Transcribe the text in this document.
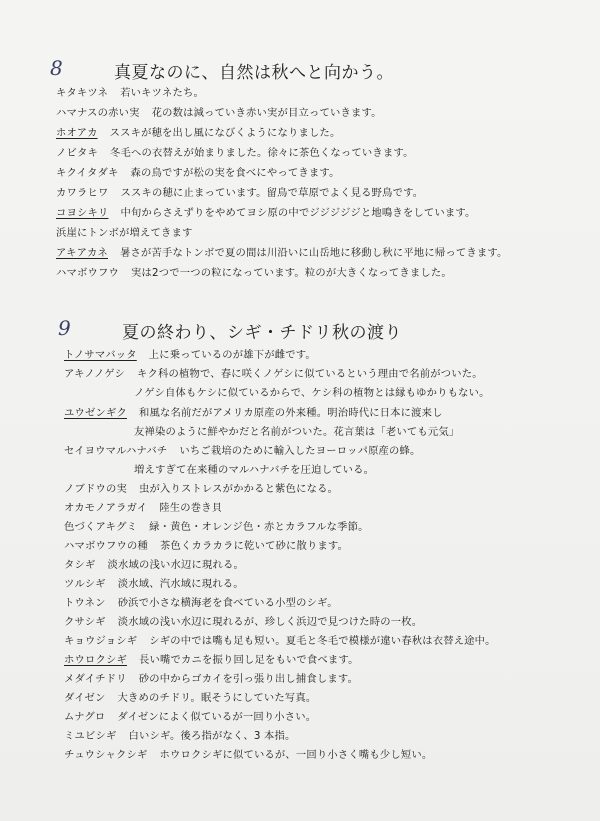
8	真夏なのに、自然は秋へと向かう。
キタキツネ 若いキツネたち。
ハマナスの赤い実 花の数は減っていき赤い実が目立っていきます。
ホオアカ ススキが穂を出し風になびくようになりました。
ノビタキ 冬毛への衣替えが始まりました。徐々に茶色くなっていきます。
キクイタダキ 森の鳥ですが松の実を食べにやってきます。
カワラヒワ ススキの穂に止まっています。留鳥で草原でよく見る野鳥です。
コヨシキリ 中旬からさえずりをやめてヨシ原の中でジジジジジと地鳴きをしています。
浜崖にトンボが増えてきます
アキアカネ 暑さが苦手なトンボで夏の間は川沿いに山岳地に移動し秋に平地に帰ってきます。
ハマボウフウ 実は2つで一つの粒になっています。粒のが大きくなってきました。
9	夏の終わり、シギ・チドリ秋の渡り
トノサマバッタ 上に乗っているのが雄下が雌です。
アキノノゲシ キク科の植物で、春に咲くノゲシに似ているという理由で名前がついた。
ノゲシ自体もケシに似ているからで、ケシ科の植物とは縁もゆかりもない。
ユウゼンギク 和風な名前だがアメリカ原産の外来種。明治時代に日本に渡来し
友禅染のように鮮やかだと名前がついた。花言葉は「老いても元気」
セイヨウマルハナバチ いちご栽培のために輸入したヨーロッパ原産の蜂。
増えすぎて在来種のマルハナバチを圧迫している。
ノブドウの実 虫が入りストレスがかかると紫色になる。
オカモノアラガイ 陸生の巻き貝
色づくアキグミ 緑・黄色・オレンジ色・赤とカラフルな季節。
ハマボウフウの種 茶色くカラカラに乾いて砂に散ります。
タシギ 淡水域の浅い水辺に現れる。
ツルシギ 淡水域、汽水域に現れる。
トウネン 砂浜で小さな横海老を食べている小型のシギ。
クサシギ 淡水域の浅い水辺に現れるが、珍しく浜辺で見つけた時の一枚。
キョウジョシギ シギの中では嘴も足も短い。夏毛と冬毛で模様が違い春秋は衣替え途中。
ホウロクシギ 長い嘴でカニを振り回し足をもいで食べます。
メダイチドリ 砂の中からゴカイを引っ張り出し捕食します。
ダイゼン 大きめのチドリ。眠そうにしていた写真。
ムナグロ ダイゼンによく似ているが一回り小さい。
ミユビシギ 白いシギ。後ろ指がなく、3 本指。
チュウシャクシギ ホウロクシギに似ているが、一回り小さく嘴も少し短い。
